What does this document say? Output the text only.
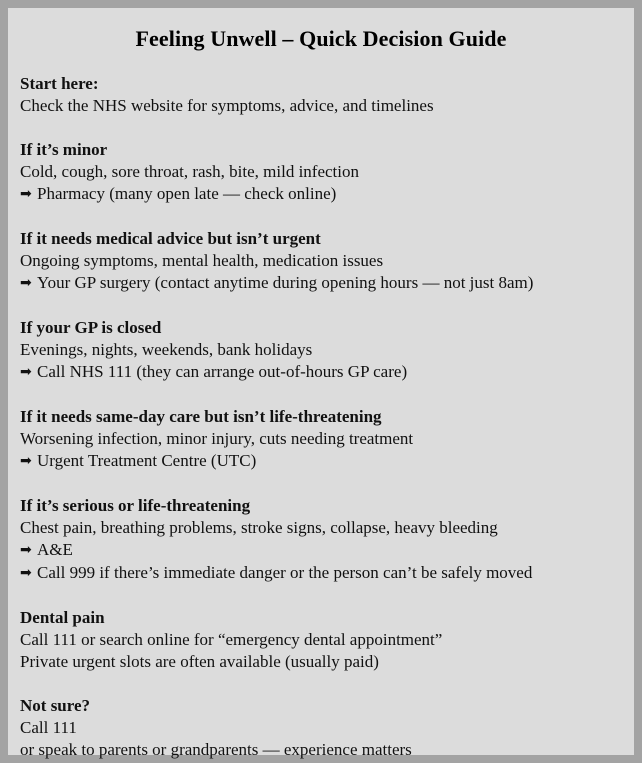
Feeling Unwell – Quick Decision Guide
Start here:
Check the NHS website for symptoms, advice, and timelines
If it’s minor
Cold, cough, sore throat, rash, bite, mild infection
➡ Pharmacy (many open late — check online)
If it needs medical advice but isn’t urgent
Ongoing symptoms, mental health, medication issues
➡ Your GP surgery (contact anytime during opening hours — not just 8am)
If your GP is closed
Evenings, nights, weekends, bank holidays
➡ Call NHS 111 (they can arrange out-of-hours GP care)
If it needs same-day care but isn’t life-threatening
Worsening infection, minor injury, cuts needing treatment
➡ Urgent Treatment Centre (UTC)
If it’s serious or life-threatening
Chest pain, breathing problems, stroke signs, collapse, heavy bleeding
➡ A&E
➡ Call 999 if there’s immediate danger or the person can’t be safely moved
Dental pain
Call 111 or search online for “emergency dental appointment”
Private urgent slots are often available (usually paid)
Not sure?
Call 111
or speak to parents or grandparents — experience matters
